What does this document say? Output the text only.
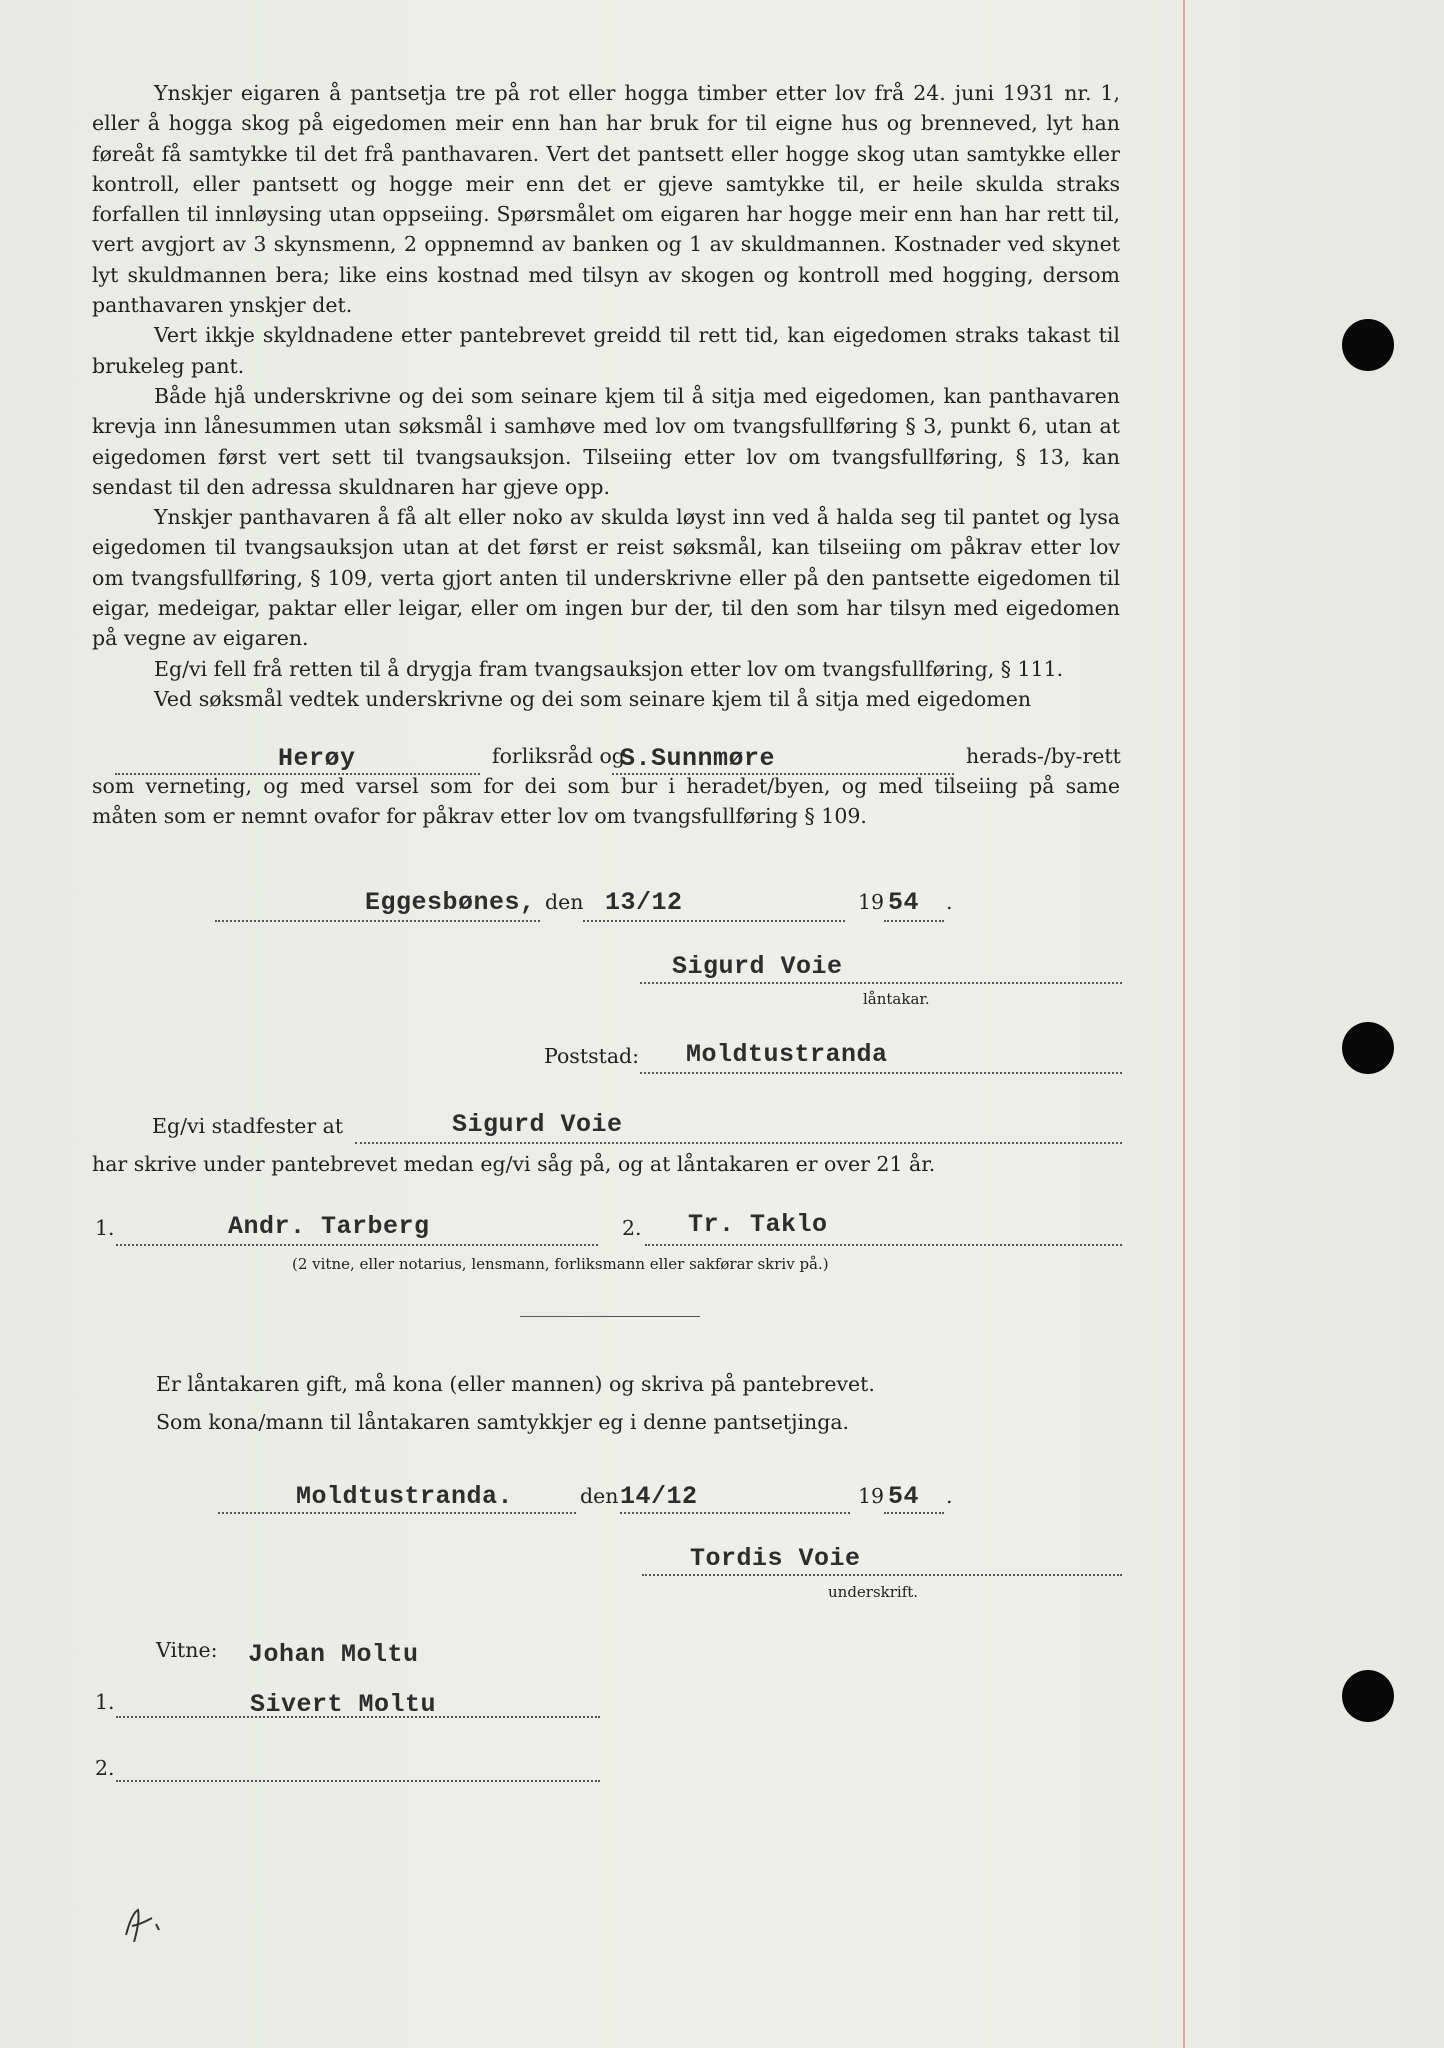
Ynskjer eigaren å pantsetja tre på rot eller hogga timber etter lov frå 24. juni 1931 nr. 1, eller å hogga skog på eigedomen meir enn han har bruk for til eigne hus og brenneved, lyt han føreåt få samtykke til det frå panthavaren. Vert det pantsett eller hogge skog utan samtykke eller kontroll, eller pantsett og hogge meir enn det er gjeve samtykke til, er heile skulda straks forfallen til innløysing utan oppseiing. Spørsmålet om eigaren har hogge meir enn han har rett til, vert avgjort av 3 skynsmenn, 2 oppnemnd av banken og 1 av skuldmannen. Kostnader ved skynet lyt skuldmannen bera; like eins kostnad med tilsyn av skogen og kontroll med hogging, dersom panthavaren ynskjer det.

Vert ikkje skyldnadene etter pantebrevet greidd til rett tid, kan eigedomen straks takast til brukeleg pant.

Både hjå underskrivne og dei som seinare kjem til å sitja med eigedomen, kan panthavaren krevja inn lånesummen utan søksmål i samhøve med lov om tvangsfullføring § 3, punkt 6, utan at eigedomen først vert sett til tvangsauksjon. Tilseiing etter lov om tvangsfullføring, § 13, kan sendast til den adressa skuldnaren har gjeve opp.

Ynskjer panthavaren å få alt eller noko av skulda løyst inn ved å halda seg til pantet og lysa eigedomen til tvangsauksjon utan at det først er reist søksmål, kan tilseiing om påkrav etter lov om tvangsfullføring, § 109, verta gjort anten til underskrivne eller på den pantsette eigedomen til eigar, medeigar, paktar eller leigar, eller om ingen bur der, til den som har tilsyn med eigedomen på vegne av eigaren.

Eg/vi fell frå retten til å drygja fram tvangsauksjon etter lov om tvangsfullføring, § 111.

Ved søksmål vedtek underskrivne og dei som seinare kjem til å sitja med eigedomen

Herøy	forliksråd og
S.Sunnmøre	herads-/by-rett
som verneting, og med varsel som for dei som bur i heradet/byen, og med tilseiing på same
måten som er nemnt ovafor for påkrav etter lov om tvangsfullføring § 109.
Eggesbønes, den 13/12	19 54 .
Sigurd Voie
låntakar.
Poststad: Moldtustranda
Eg/vi stadfester at	Sigurd Voie
har skrive under pantebrevet medan eg/vi såg på, og at låntakaren er over 21 år.
1.	Andr. Tarberg	2. Tr. Taklo
(2 vitne, eller notarius, lensmann, forliksmann eller sakførar skriv på.)
Er låntakaren gift, må kona (eller mannen) og skriva på pantebrevet.
Som kona/mann til låntakaren samtykkjer eg i denne pantsetjinga.
Moldtustranda.	den 14/12	19 54 .
Tordis Voie
underskrift.
Vitne: Johan Moltu
1.	Sivert Moltu
2.
